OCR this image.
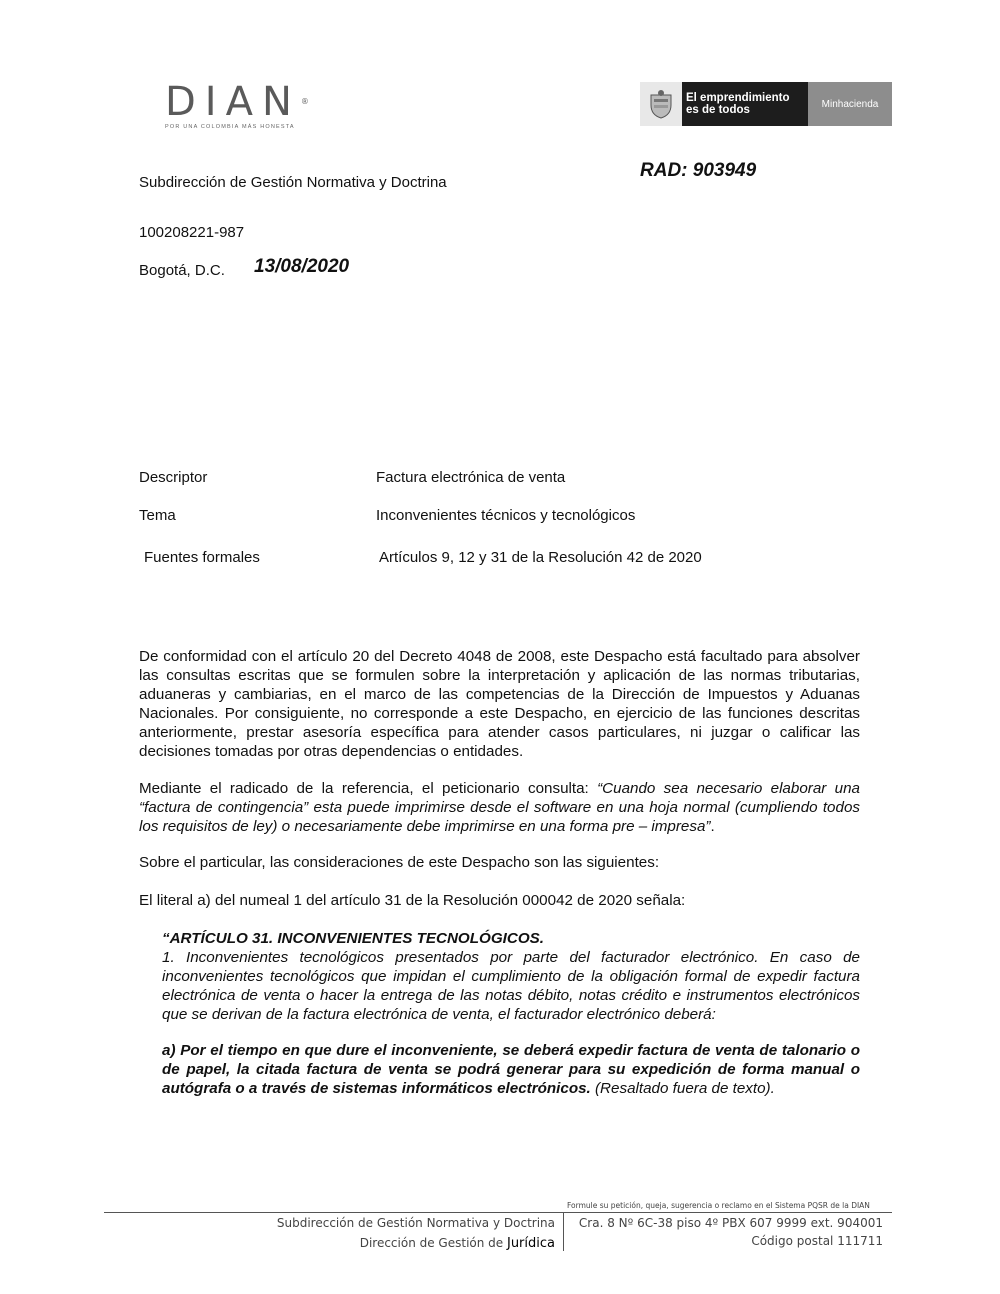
DIAN®
POR UNA COLOMBIA MÁS HONESTA
El emprendimiento
es de todos	Minhacienda
Subdirección de Gestión Normativa y Doctrina
RAD: 903949
100208221-987
Bogotá, D.C. 13/08/2020
Descriptor	Factura electrónica de venta
Tema	Inconvenientes técnicos y tecnológicos
Fuentes formales	Artículos 9, 12 y 31 de la Resolución 42 de 2020
De conformidad con el artículo 20 del Decreto 4048 de 2008, este Despacho está facultado para absolver las consultas escritas que se formulen sobre la interpretación y aplicación de las normas tributarias, aduaneras y cambiarias, en el marco de las competencias de la Dirección de Impuestos y Aduanas Nacionales. Por consiguiente, no corresponde a este Despacho, en ejercicio de las funciones descritas anteriormente, prestar asesoría específica para atender casos particulares, ni juzgar o calificar las decisiones tomadas por otras dependencias o entidades.
Mediante el radicado de la referencia, el peticionario consulta: “Cuando sea necesario elaborar una “factura de contingencia” esta puede imprimirse desde el software en una hoja normal (cumpliendo todos los requisitos de ley) o necesariamente debe imprimirse en una forma pre – impresa”.
Sobre el particular, las consideraciones de este Despacho son las siguientes:
El literal a) del numeal 1 del artículo 31 de la Resolución 000042 de 2020 señala:
“ARTÍCULO 31. INCONVENIENTES TECNOLÓGICOS.
1. Inconvenientes tecnológicos presentados por parte del facturador electrónico. En caso de inconvenientes tecnológicos que impidan el cumplimiento de la obligación formal de expedir factura electrónica de venta o hacer la entrega de las notas débito, notas crédito e instrumentos electrónicos que se derivan de la factura electrónica de venta, el facturador electrónico deberá:
a) Por el tiempo en que dure el inconveniente, se deberá expedir factura de venta de talonario o de papel, la citada factura de venta se podrá generar para su expedición de forma manual o autógrafa o a través de sistemas informáticos electrónicos. (Resaltado fuera de texto).
Formule su petición, queja, sugerencia o reclamo en el Sistema PQSR de la DIAN
Subdirección de Gestión Normativa y Doctrina
Dirección de Gestión de Jurídica
Cra. 8 Nº 6C-38 piso 4º PBX 607 9999 ext. 904001
Código postal 111711
